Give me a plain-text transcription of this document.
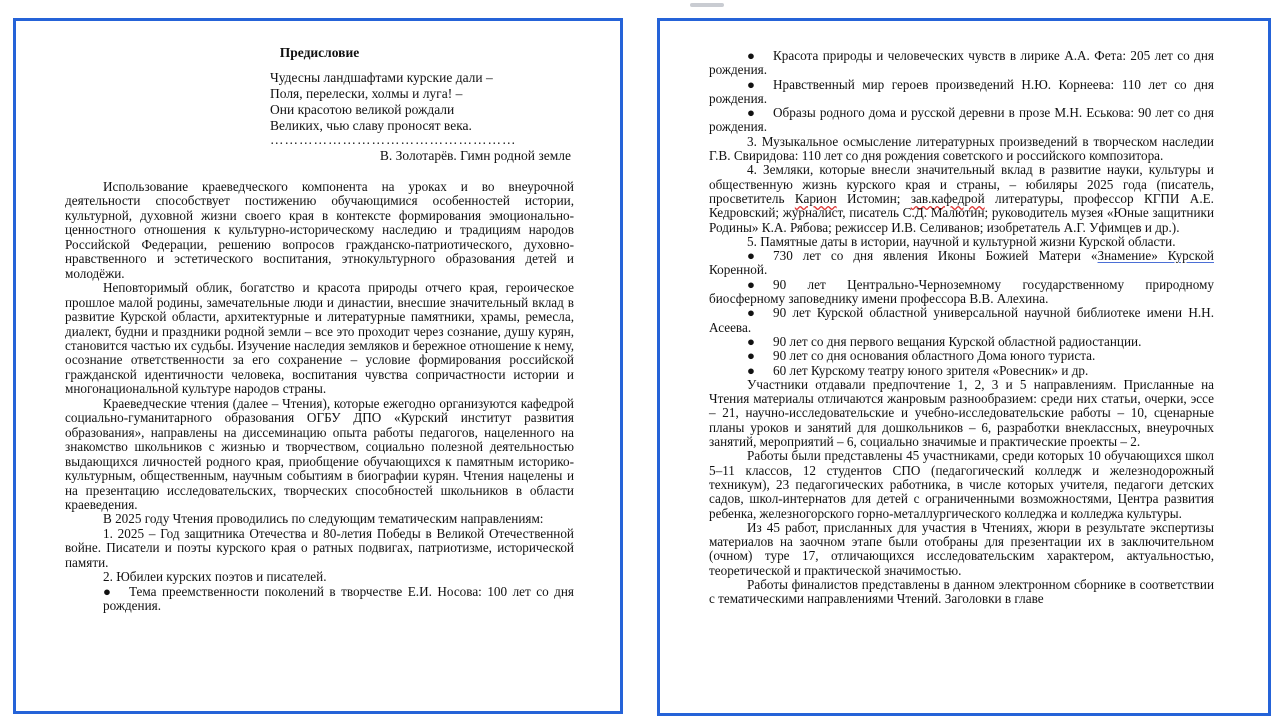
Предисловие
Чудесны ландшафтами курские дали –
Поля, перелески, холмы и луга! –
Они красотою великой рождали
Великих, чью славу проносят века.
……………………………………………
В. Золотарёв. Гимн родной земле

Использование краеведческого компонента на уроках и во внеурочной деятельности способствует постижению обучающимися особенностей истории, культурной, духовной жизни своего края в контексте формирования эмоционально-ценностного отношения к культурно-историческому наследию и традициям народов Российской Федерации, решению вопросов гражданско-патриотического, духовно-нравственного и эстетического воспитания, этнокультурного образования детей и молодёжи.

Неповторимый облик, богатство и красота природы отчего края, героическое прошлое малой родины, замечательные люди и династии, внесшие значительный вклад в развитие Курской области, архитектурные и литературные памятники, храмы, ремесла, диалект, будни и праздники родной земли – все это проходит через сознание, душу курян, становится частью их судьбы. Изучение наследия земляков и бережное отношение к нему, осознание ответственности за его сохранение – условие формирования российской гражданской идентичности человека, воспитания чувства сопричастности истории и многонациональной культуре народов страны.

Краеведческие чтения (далее – Чтения), которые ежегодно организуются кафедрой социально-гуманитарного образования ОГБУ ДПО «Курский институт развития образования», направлены на диссеминацию опыта работы педагогов, нацеленного на знакомство школьников с жизнью и творчеством, социально полезной деятельностью выдающихся личностей родного края, приобщение обучающихся к памятным историко-культурным, общественным, научным событиям в биографии курян. Чтения нацелены и на презентацию исследовательских, творческих способностей школьников в области краеведения.

В 2025 году Чтения проводились по следующим тематическим направлениям:

1. 2025 – Год защитника Отечества и 80-летия Победы в Великой Отечественной войне. Писатели и поэты курского края о ратных подвигах, патриотизме, исторической памяти.

2. Юбилеи курских поэтов и писателей.

● Тема преемственности поколений в творчестве Е.И. Носова: 100 лет со дня рождения.

● Красота природы и человеческих чувств в лирике А.А. Фета: 205 лет со дня рождения.

● Нравственный мир героев произведений Н.Ю. Корнеева: 110 лет со дня рождения.

● Образы родного дома и русской деревни в прозе М.Н. Еськова: 90 лет со дня рождения.

3. Музыкальное осмысление литературных произведений в творческом наследии Г.В. Свиридова: 110 лет со дня рождения советского и российского композитора.

4. Земляки, которые внесли значительный вклад в развитие науки, культуры и общественную жизнь курского края и страны, – юбиляры 2025 года (писатель, просветитель Карион Истомин; зав.кафедрой литературы, профессор КГПИ А.Е. Кедровский; журналист, писатель С.Д. Малютин; руководитель музея «Юные защитники Родины» К.А. Рябова; режиссер И.В. Селиванов; изобретатель А.Г. Уфимцев и др.).

5. Памятные даты в истории, научной и культурной жизни Курской области.

● 730 лет со дня явления Иконы Божией Матери «Знамение» Курской Коренной.

● 90 лет Центрально-Черноземному государственному природному биосферному заповеднику имени профессора В.В. Алехина.

● 90 лет Курской областной универсальной научной библиотеке имени Н.Н. Асеева.

● 90 лет со дня первого вещания Курской областной радиостанции.

● 90 лет со дня основания областного Дома юного туриста.

● 60 лет Курскому театру юного зрителя «Ровесник» и др.

Участники отдавали предпочтение 1, 2, 3 и 5 направлениям. Присланные на Чтения материалы отличаются жанровым разнообразием: среди них статьи, очерки, эссе – 21, научно-исследовательские и учебно-исследовательские работы – 10, сценарные планы уроков и занятий для дошкольников – 6, разработки внеклассных, внеурочных занятий, мероприятий – 6, социально значимые и практические проекты – 2.

Работы были представлены 45 участниками, среди которых 10 обучающихся школ 5–11 классов, 12 студентов СПО (педагогический колледж и железнодорожный техникум), 23 педагогических работника, в числе которых учителя, педагоги детских садов, школ-интернатов для детей с ограниченными возможностями, Центра развития ребенка, железногорского горно-металлургического колледжа и колледжа культуры.

Из 45 работ, присланных для участия в Чтениях, жюри в результате экспертизы материалов на заочном этапе были отобраны для презентации их в заключительном (очном) туре 17, отличающихся исследовательским характером, актуальностью, теоретической и практической значимостью.

Работы финалистов представлены в данном электронном сборнике в соответствии с тематическими направлениями Чтений. Заголовки в главе
